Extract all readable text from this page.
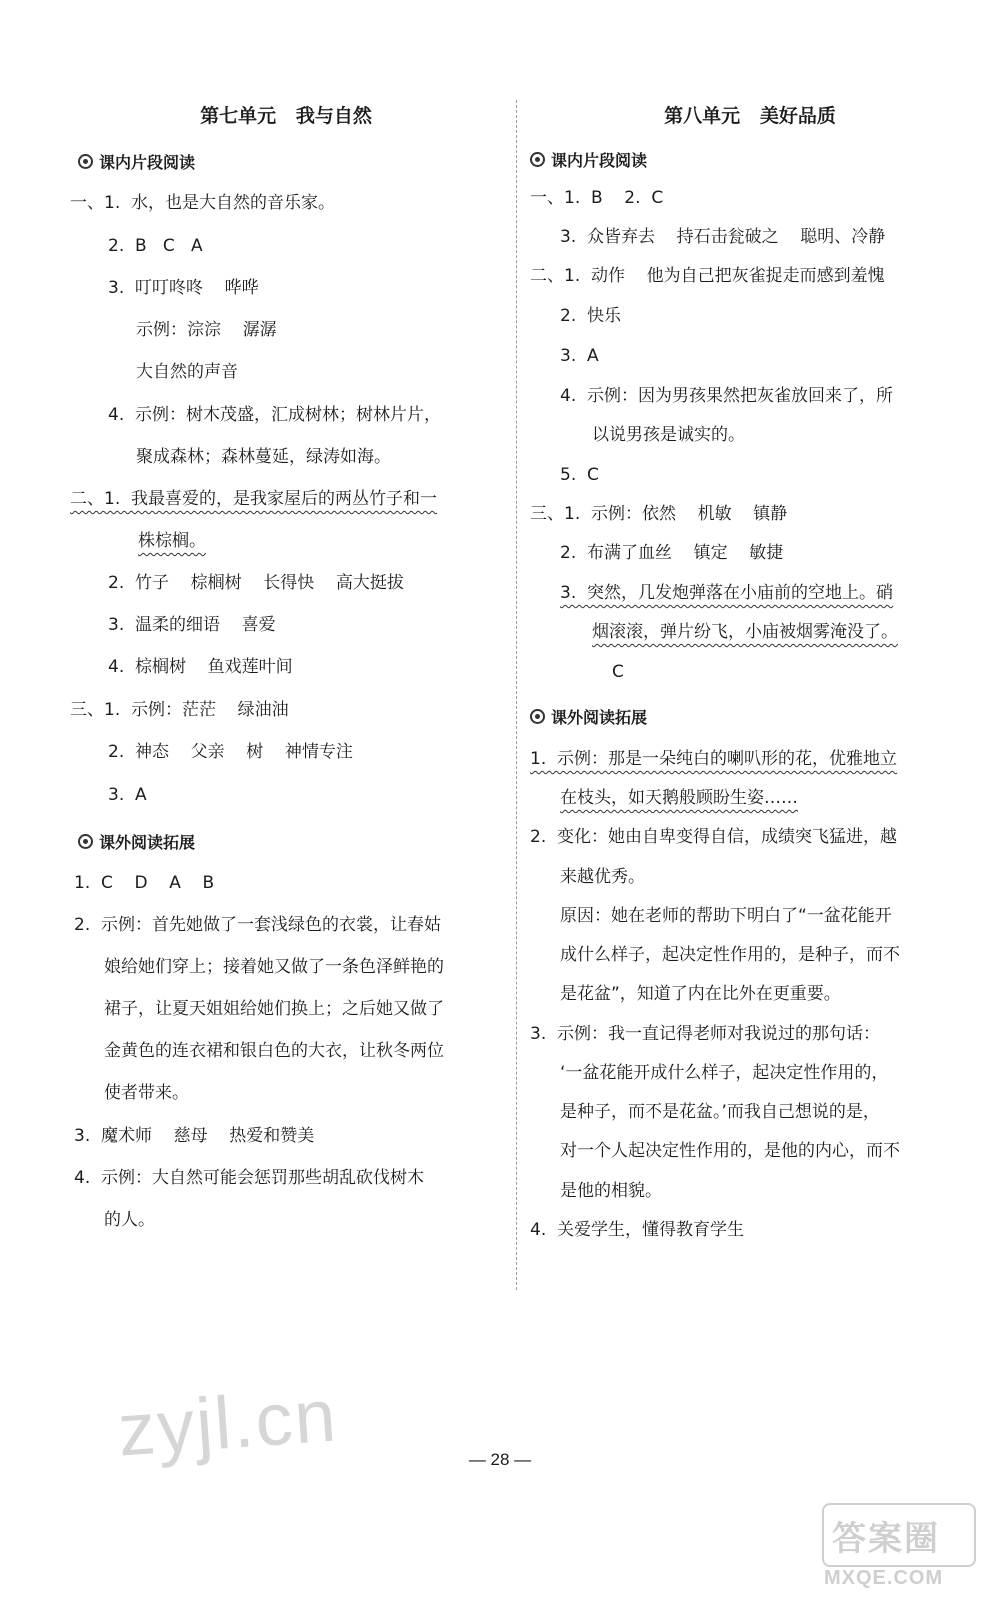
第七单元   我与自然
课内片段阅读
一、1.  水，也是大自然的音乐家。
2.  B   C   A
3.  叮叮咚咚    哗哗
示例：淙淙    潺潺
大自然的声音
4.  示例：树木茂盛，汇成树林；树林片片，
聚成森林；森林蔓延，绿涛如海。
二、1.  我最喜爱的，是我家屋后的两丛竹子和一
株棕榈。
2.  竹子    棕榈树    长得快    高大挺拔
3.  温柔的细语    喜爱
4.  棕榈树    鱼戏莲叶间
三、1.  示例：茫茫    绿油油
2.  神态    父亲    树    神情专注
3.  A
课外阅读拓展
1.  C    D    A    B
2.  示例：首先她做了一套浅绿色的衣裳，让春姑
娘给她们穿上；接着她又做了一条色泽鲜艳的
裙子，让夏天姐姐给她们换上；之后她又做了
金黄色的连衣裙和银白色的大衣，让秋冬两位
使者带来。
3.  魔术师    慈母    热爱和赞美
4.  示例：大自然可能会惩罚那些胡乱砍伐树木
的人。
第八单元   美好品质
课内片段阅读
一、1.  B    2.  C
3.  众皆弃去    持石击瓮破之    聪明、冷静
二、1.  动作    他为自己把灰雀捉走而感到羞愧
2.  快乐
3.  A
4.  示例：因为男孩果然把灰雀放回来了，所
以说男孩是诚实的。
5.  C
三、1.  示例：依然    机敏    镇静
2.  布满了血丝    镇定    敏捷
3.  突然，几发炮弹落在小庙前的空地上。硝
烟滚滚，弹片纷飞，小庙被烟雾淹没了。
C
课外阅读拓展
1.  示例：那是一朵纯白的喇叭形的花，优雅地立
在枝头，如天鹅般顾盼生姿……
2.  变化：她由自卑变得自信，成绩突飞猛进，越
来越优秀。
原因：她在老师的帮助下明白了“一盆花能开
成什么样子，起决定性作用的，是种子，而不
是花盆”，知道了内在比外在更重要。
3.  示例：我一直记得老师对我说过的那句话：
‘一盆花能开成什么样子，起决定性作用的，
是种子，而不是花盆。’而我自己想说的是，
对一个人起决定性作用的，是他的内心，而不
是他的相貌。
4.  关爱学生，懂得教育学生
zyjl.cn	— 28 —
答案圈
MXQE.COM
